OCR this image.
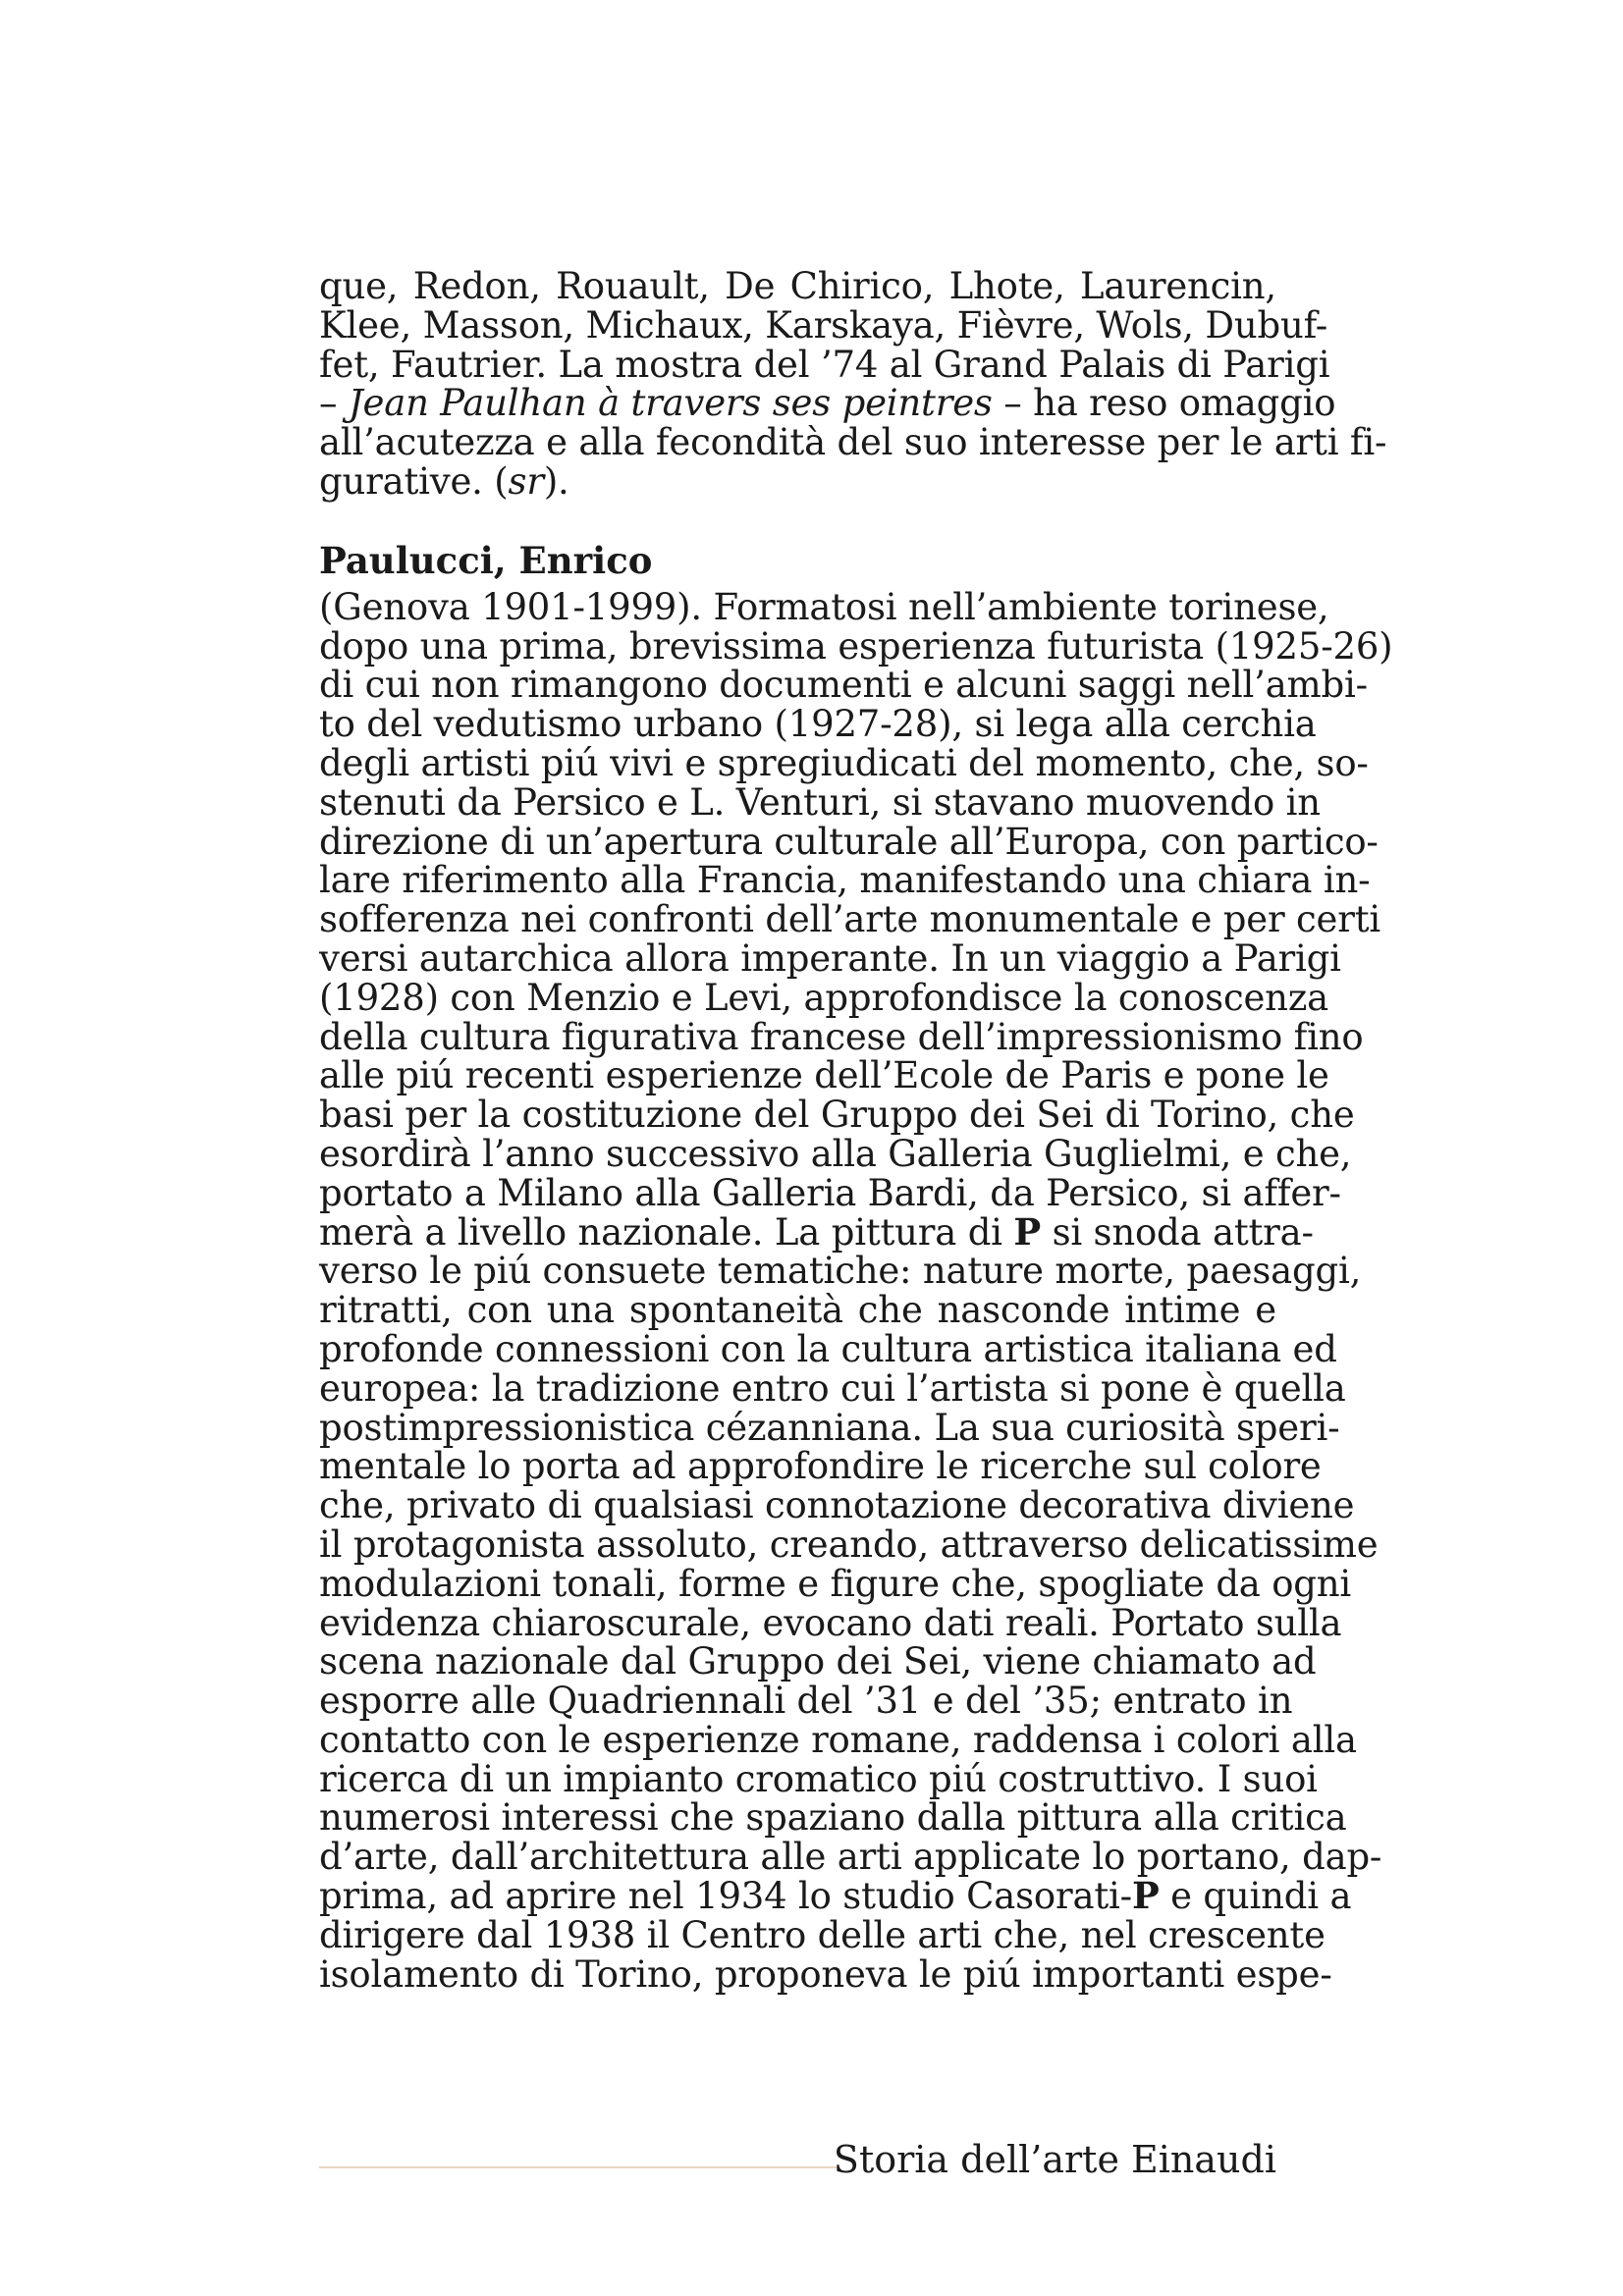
que, Redon, Rouault, De Chirico, Lhote, Laurencin,
Klee, Masson, Michaux, Karskaya, Fièvre, Wols, Dubuf-
fet, Fautrier. La mostra del ’74 al Grand Palais di Parigi
– Jean Paulhan à travers ses peintres – ha reso omaggio
all’acutezza e alla fecondità del suo interesse per le arti fi-
gurative. (sr).
Paulucci, Enrico
(Genova 1901-1999). Formatosi nell’ambiente torinese,
dopo una prima, brevissima esperienza futurista (1925-26)
di cui non rimangono documenti e alcuni saggi nell’ambi-
to del vedutismo urbano (1927-28), si lega alla cerchia
degli artisti piú vivi e spregiudicati del momento, che, so-
stenuti da Persico e L. Venturi, si stavano muovendo in
direzione di un’apertura culturale all’Europa, con partico-
lare riferimento alla Francia, manifestando una chiara in-
sofferenza nei confronti dell’arte monumentale e per certi
versi autarchica allora imperante. In un viaggio a Parigi
(1928) con Menzio e Levi, approfondisce la conoscenza
della cultura figurativa francese dell’impressionismo fino
alle piú recenti esperienze dell’Ecole de Paris e pone le
basi per la costituzione del Gruppo dei Sei di Torino, che
esordirà l’anno successivo alla Galleria Guglielmi, e che,
portato a Milano alla Galleria Bardi, da Persico, si affer-
merà a livello nazionale. La pittura di P si snoda attra-
verso le piú consuete tematiche: nature morte, paesaggi,
ritratti, con una spontaneità che nasconde intime e
profonde connessioni con la cultura artistica italiana ed
europea: la tradizione entro cui l’artista si pone è quella
postimpressionistica cézanniana. La sua curiosità speri-
mentale lo porta ad approfondire le ricerche sul colore
che, privato di qualsiasi connotazione decorativa diviene
il protagonista assoluto, creando, attraverso delicatissime
modulazioni tonali, forme e figure che, spogliate da ogni
evidenza chiaroscurale, evocano dati reali. Portato sulla
scena nazionale dal Gruppo dei Sei, viene chiamato ad
esporre alle Quadriennali del ’31 e del ’35; entrato in
contatto con le esperienze romane, raddensa i colori alla
ricerca di un impianto cromatico piú costruttivo. I suoi
numerosi interessi che spaziano dalla pittura alla critica
d’arte, dall’architettura alle arti applicate lo portano, dap-
prima, ad aprire nel 1934 lo studio Casorati-P e quindi a
dirigere dal 1938 il Centro delle arti che, nel crescente
isolamento di Torino, proponeva le piú importanti espe-
Storia dell’arte Einaudi
